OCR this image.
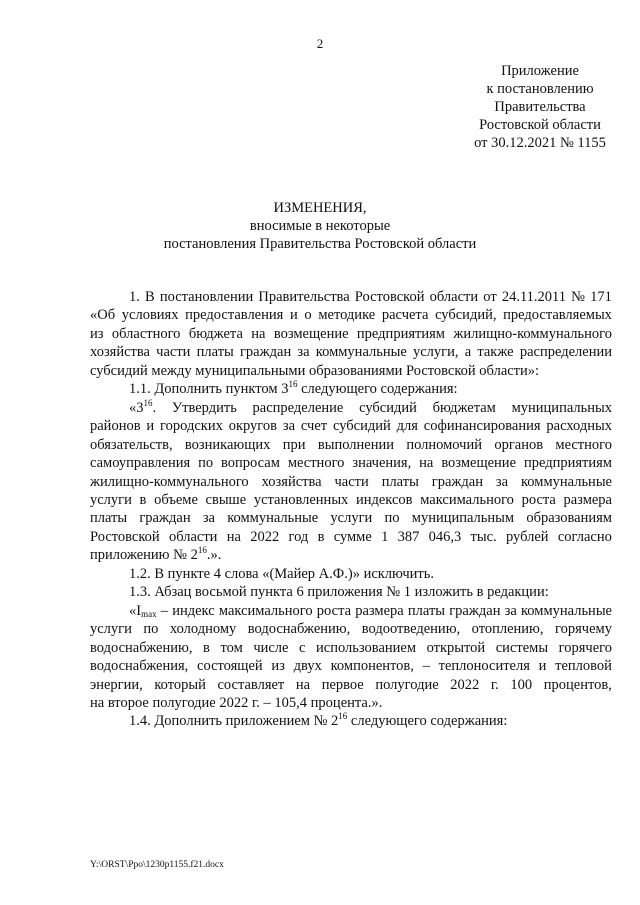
2
Приложение
к постановлению
Правительства
Ростовской области
от 30.12.2021 № 1155
ИЗМЕНЕНИЯ,
вносимые в некоторые
постановления Правительства Ростовской области
1. В постановлении Правительства Ростовской области от 24.11.2011 № 171
«Об условиях предоставления и о методике расчета субсидий, предоставляемых
из областного бюджета на возмещение предприятиям жилищно-коммунального
хозяйства части платы граждан за коммунальные услуги, а также распределении
субсидий между муниципальными образованиями Ростовской области»:
1.1. Дополнить пунктом $3^{16}$ следующего содержания:
«$3^{16}$. Утвердить распределение субсидий бюджетам муниципальных
районов и городских округов за счет субсидий для софинансирования расходных
обязательств, возникающих при выполнении полномочий органов местного
самоуправления по вопросам местного значения, на возмещение предприятиям
жилищно-коммунального хозяйства части платы граждан за коммунальные
услуги в объеме свыше установленных индексов максимального роста размера
платы граждан за коммунальные услуги по муниципальным образованиям
Ростовской области на 2022 год в сумме 1 387 046,3 тыс. рублей согласно
приложению № $2^{16}$.».
1.2. В пункте 4 слова «(Майер А.Ф.)» исключить.
1.3. Абзац восьмой пункта 6 приложения № 1 изложить в редакции:
«$I_{max}$ – индекс максимального роста размера платы граждан за коммунальные
услуги по холодному водоснабжению, водоотведению, отоплению, горячему
водоснабжению, в том числе с использованием открытой системы горячего
водоснабжения, состоящей из двух компонентов, – теплоносителя и тепловой
энергии, который составляет на первое полугодие 2022 г. 100 процентов,
на второе полугодие 2022 г. – 105,4 процента.».
1.4. Дополнить приложением № $2^{16}$ следующего содержания:
Y:\ORST\Ppo\1230p1155.f21.docx
